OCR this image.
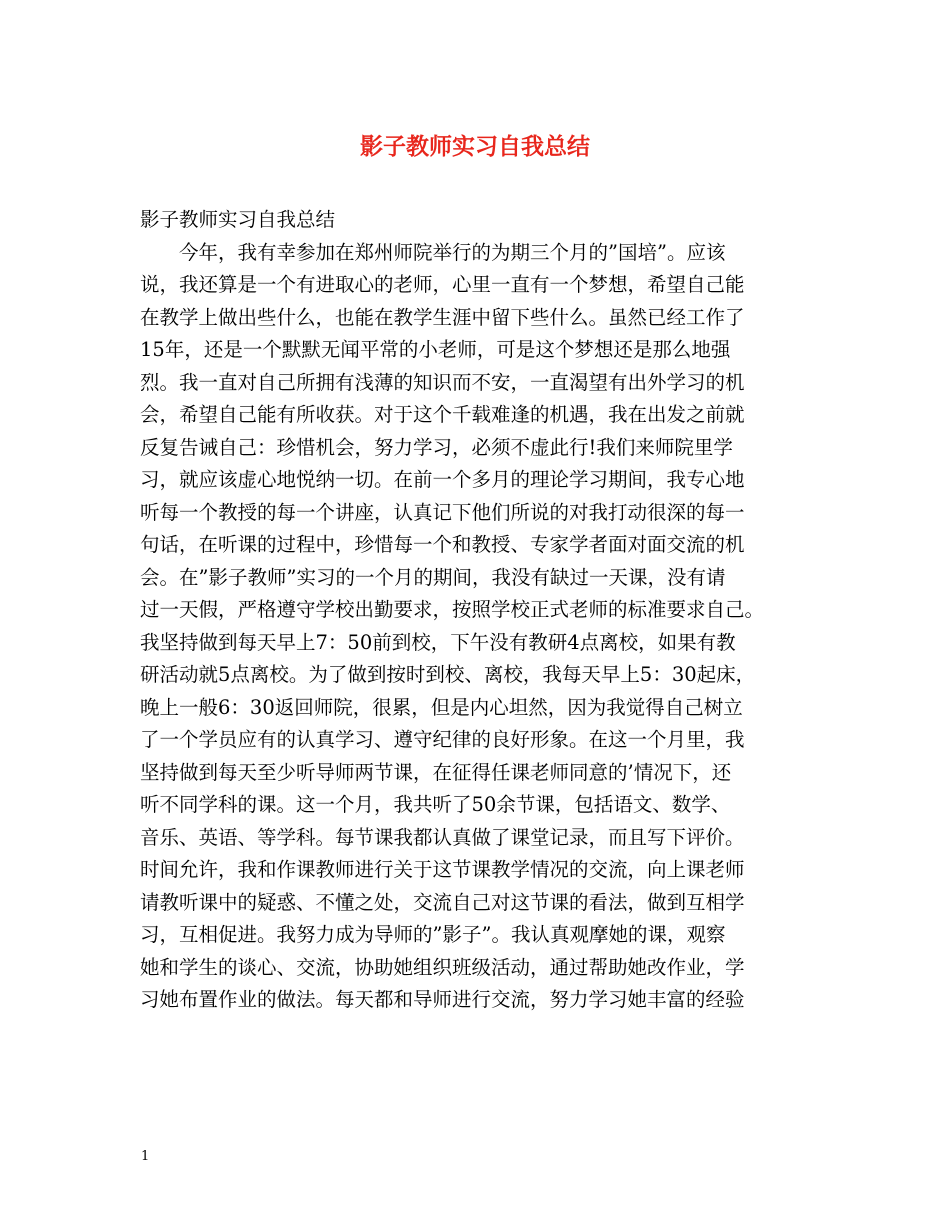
影子教师实习自我总结
影子教师实习自我总结
今年，我有幸参加在郑州师院举行的为期三个月的”国培”。应该
说，我还算是一个有进取心的老师，心里一直有一个梦想，希望自己能
在教学上做出些什么，也能在教学生涯中留下些什么。虽然已经工作了
15年，还是一个默默无闻平常的小老师，可是这个梦想还是那么地强
烈。我一直对自己所拥有浅薄的知识而不安，一直渴望有出外学习的机
会，希望自己能有所收获。对于这个千载难逢的机遇，我在出发之前就
反复告诫自己：珍惜机会，努力学习，必须不虚此行!我们来师院里学
习，就应该虚心地悦纳一切。在前一个多月的理论学习期间，我专心地
听每一个教授的每一个讲座，认真记下他们所说的对我打动很深的每一
句话，在听课的过程中，珍惜每一个和教授、专家学者面对面交流的机
会。在”影子教师”实习的一个月的期间，我没有缺过一天课，没有请
过一天假，严格遵守学校出勤要求，按照学校正式老师的标准要求自己。
我坚持做到每天早上7：50前到校，下午没有教研4点离校，如果有教
研活动就5点离校。为了做到按时到校、离校，我每天早上5：30起床，
晚上一般6：30返回师院，很累，但是内心坦然，因为我觉得自己树立
了一个学员应有的认真学习、遵守纪律的良好形象。在这一个月里，我
坚持做到每天至少听导师两节课，在征得任课老师同意的’情况下，还
听不同学科的课。这一个月，我共听了50余节课，包括语文、数学、
音乐、英语、等学科。每节课我都认真做了课堂记录，而且写下评价。
时间允许，我和作课教师进行关于这节课教学情况的交流，向上课老师
请教听课中的疑惑、不懂之处，交流自己对这节课的看法，做到互相学
习，互相促进。我努力成为导师的”影子”。我认真观摩她的课，观察
她和学生的谈心、交流，协助她组织班级活动，通过帮助她改作业，学
习她布置作业的做法。每天都和导师进行交流，努力学习她丰富的经验
1
